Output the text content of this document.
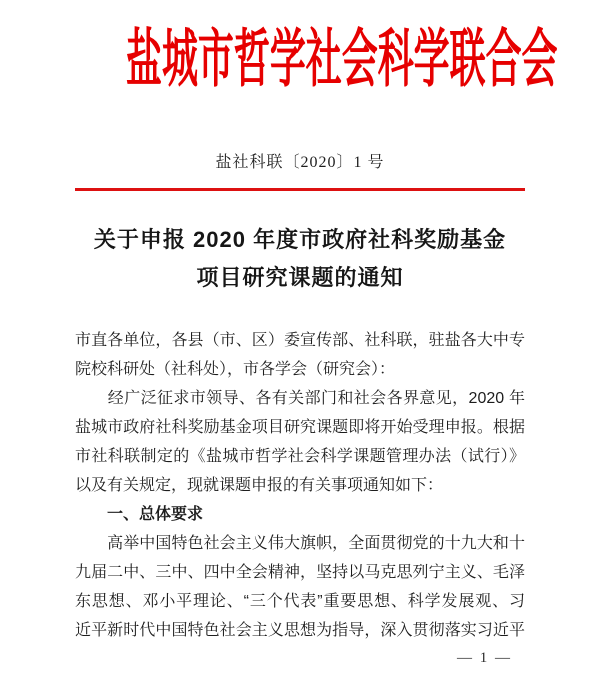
盐城市哲学社会科学联合会
盐社科联〔2020〕1 号
关于申报 2020 年度市政府社科奖励基金
项目研究课题的通知
市直各单位，各县（市、区）委宣传部、社科联，驻盐各大中专
院校科研处（社科处），市各学会（研究会）：
　　经广泛征求市领导、各有关部门和社会各界意见，2020 年
盐城市政府社科奖励基金项目研究课题即将开始受理申报。根据
市社科联制定的《盐城市哲学社会科学课题管理办法（试行）》
以及有关规定，现就课题申报的有关事项通知如下：
　　一、总体要求
　　高举中国特色社会主义伟大旗帜，全面贯彻党的十九大和十
九届二中、三中、四中全会精神，坚持以马克思列宁主义、毛泽
东思想、邓小平理论、“三个代表”重要思想、科学发展观、习
近平新时代中国特色社会主义思想为指导，深入贯彻落实习近平
— 1 —
